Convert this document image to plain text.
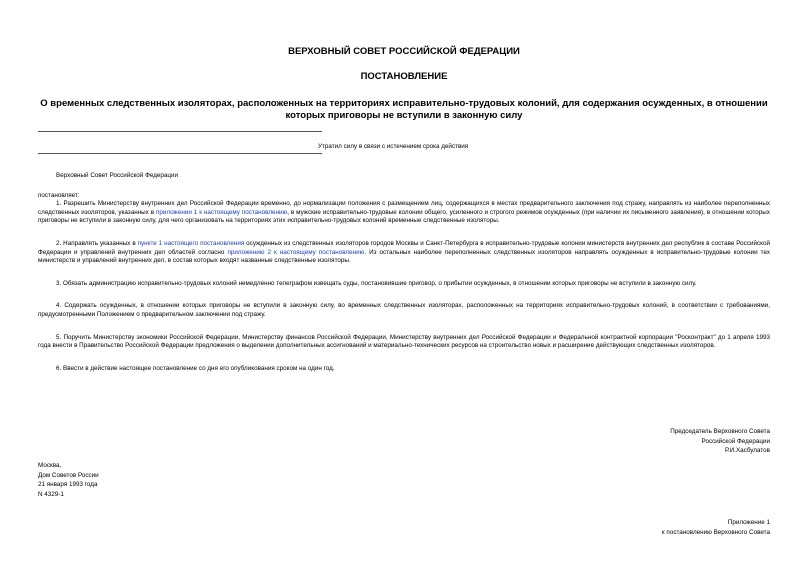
ВЕРХОВНЫЙ СОВЕТ РОССИЙСКОЙ ФЕДЕРАЦИИ
ПОСТАНОВЛЕНИЕ
О временных следственных изоляторах, расположенных на территориях исправительно-трудовых колоний, для содержания осужденных, в отношении которых приговоры не вступили в законную силу
Утратил силу в связи с истечением срока действия
Верховный Совет Российской Федерации
постановляет:
1. Разрешить Министерству внутренних дел Российской Федерации временно, до нормализации положения с размещением лиц, содержащихся в местах предварительного заключения под стражу, направлять из наиболее переполненных следственных изоляторов, указанных в приложении 1 к настоящему постановлению, в мужские исправительно-трудовые колонии общего, усиленного и строгого режимов осужденных (при наличии их письменного заявления), в отношении которых приговоры не вступили в законную силу, для чего организовать на территориях этих исправительно-трудовых колоний временные следственные изоляторы.
2. Направлять указанных в пункте 1 настоящего постановления осужденных из следственных изоляторов городов Москвы и Санкт-Петербурга в исправительно-трудовые колонии министерств внутренних дел республик в составе Российской Федерации и управлений внутренних дел областей согласно приложению 2 к настоящему постановлению. Из остальных наиболее переполненных следственных изоляторов направлять осужденных в исправительно-трудовые колонии тех министерств и управлений внутренних дел, в состав которых входят названные следственные изоляторы.
3. Обязать администрацию исправительно-трудовых колоний немедленно телеграфом извещать суды, постановившие приговор, о прибытии осужденных, в отношении которых приговоры не вступили в законную силу.
4. Содержать осужденных, в отношении которых приговоры не вступили в законную силу, во временных следственных изоляторах, расположенных на территориях исправительно-трудовых колоний, в соответствии с требованиями, предусмотренными Положением о предварительном заключении под стражу.
5. Поручить Министерству экономики Российской Федерации, Министерству финансов Российской Федерации, Министерству внутренних дел Российской Федерации и Федеральной контрактной корпорации "Росконтракт" до 1 апреля 1993 года внести в Правительство Российской Федерации предложения о выделении дополнительных ассигнований и материально-технических ресурсов на строительство новых и расширение действующих следственных изоляторов.
6. Ввести в действие настоящее постановление со дня его опубликования сроком на один год.
Председатель Верховного Совета
Российской Федерации
Р.И.Хасбулатов
Москва,
Дом Советов России
21 января 1993 года
N 4329-1
Приложение 1
к постановлению Верховного Совета
